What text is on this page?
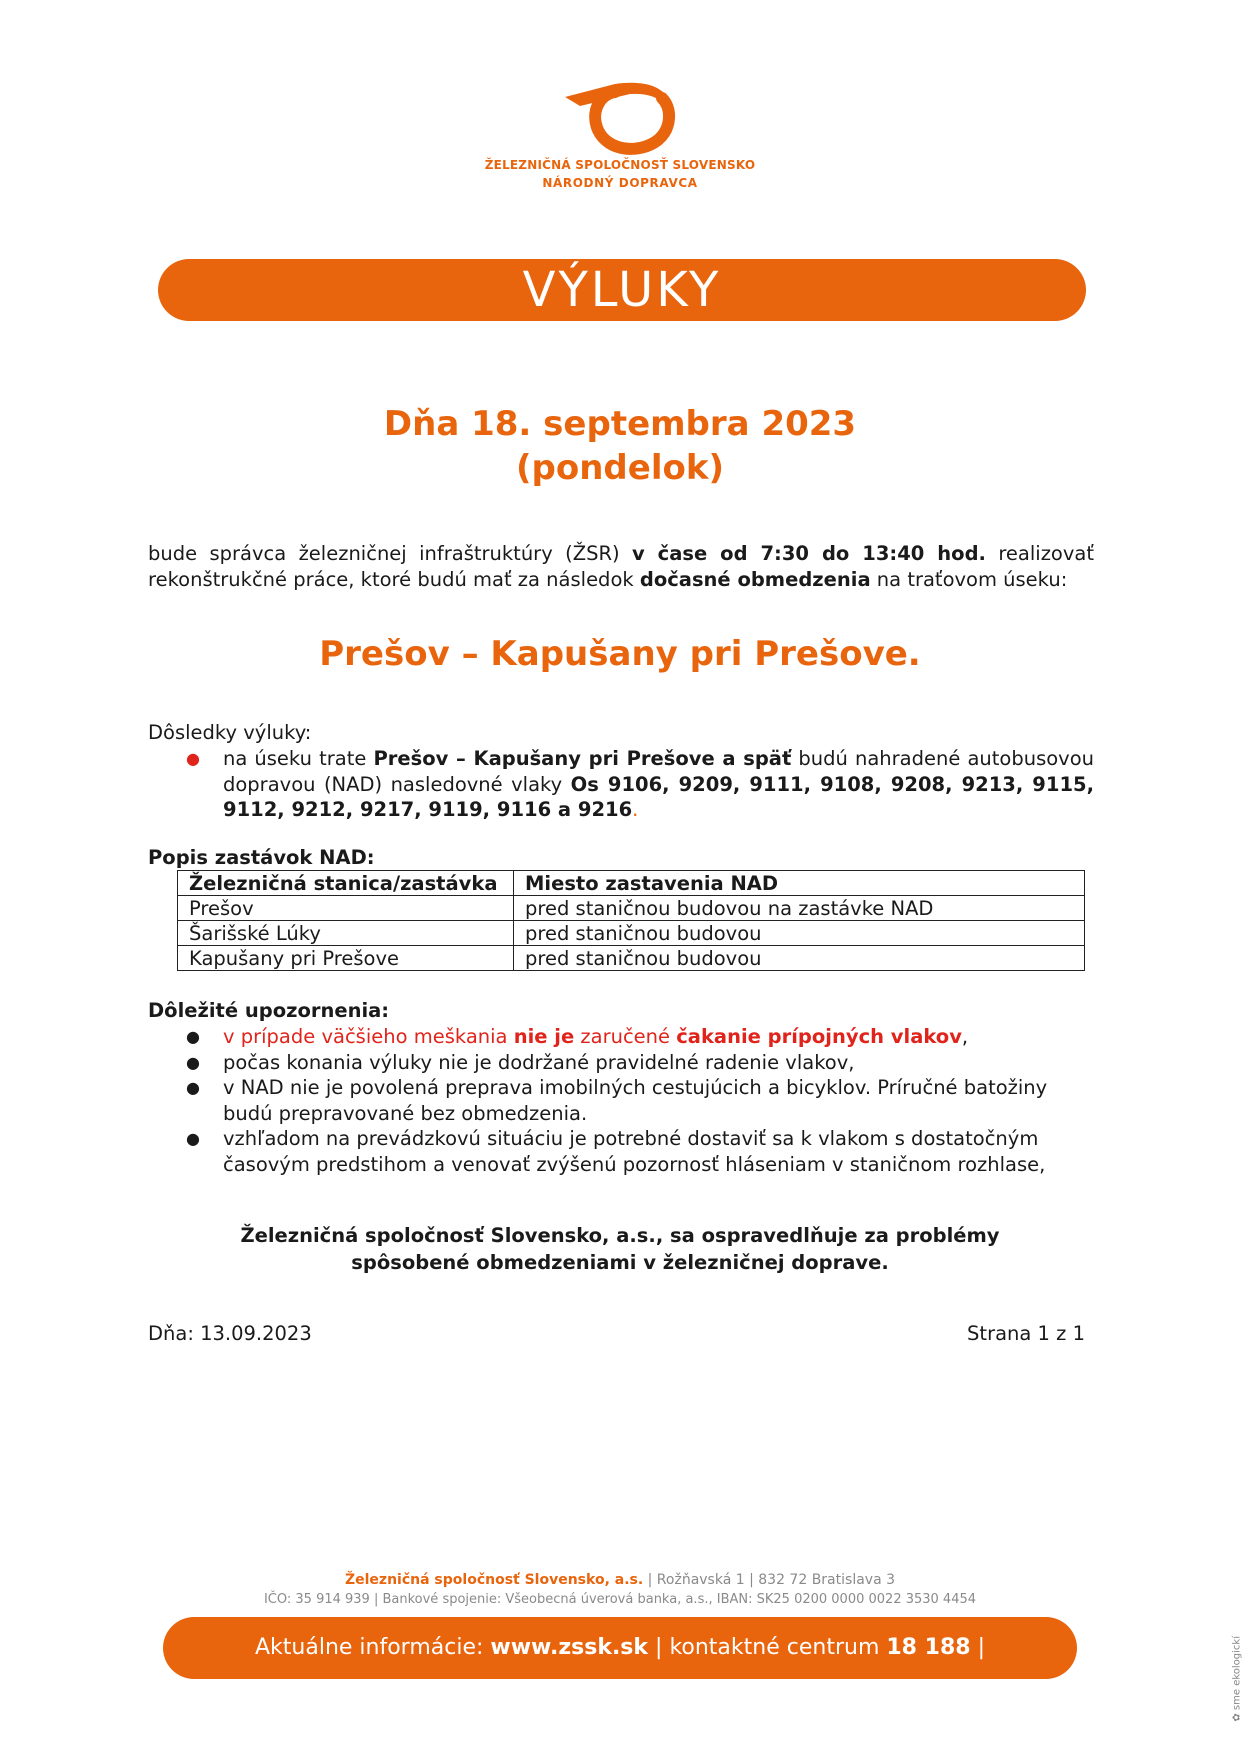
ŽELEZNIČNÁ SPOLOČNOSŤ SLOVENSKO
NÁRODNÝ DOPRAVCA
VÝLUKY
Dňa 18. septembra 2023
(pondelok)
bude správca železničnej infraštruktúry (ŽSR) v čase od 7:30 do 13:40 hod. realizovať rekonštrukčné práce, ktoré budú mať za následok dočasné obmedzenia na traťovom úseku:
Prešov – Kapušany pri Prešove.
Dôsledky výluky:
● na úseku trate Prešov – Kapušany pri Prešove a späť budú nahradené autobusovou dopravou (NAD) nasledovné vlaky Os 9106, 9209, 9111, 9108, 9208, 9213, 9115, 9112, 9212, 9217, 9119, 9116 a 9216.
Popis zastávok NAD:
Železničná stanica/zastávka	Miesto zastavenia NAD
Prešov	pred staničnou budovou na zastávke NAD
Šarišské Lúky	pred staničnou budovou
Kapušany pri Prešove	pred staničnou budovou
Dôležité upozornenia:
● v prípade väčšieho meškania nie je zaručené čakanie prípojných vlakov,
● počas konania výluky nie je dodržané pravidelné radenie vlakov,
● v NAD nie je povolená preprava imobilných cestujúcich a bicyklov. Príručné batožiny budú prepravované bez obmedzenia.
● vzhľadom na prevádzkovú situáciu je potrebné dostaviť sa k vlakom s dostatočným časovým predstihom a venovať zvýšenú pozornosť hláseniam v staničnom rozhlase,
Železničná spoločnosť Slovensko, a.s., sa ospravedlňuje za problémy spôsobené obmedzeniami v železničnej doprave.
Dňa: 13.09.2023	Strana 1 z 1
Železničná spoločnosť Slovensko, a.s. | Rožňavská 1 | 832 72 Bratislava 3
IČO: 35 914 939 | Bankové spojenie: Všeobecná úverová banka, a.s., IBAN: SK25 0200 0000 0022 3530 4454
Aktuálne informácie: www.zssk.sk | kontaktné centrum 18 188 | info@slovakrail.sk	✿ sme ekologickí
